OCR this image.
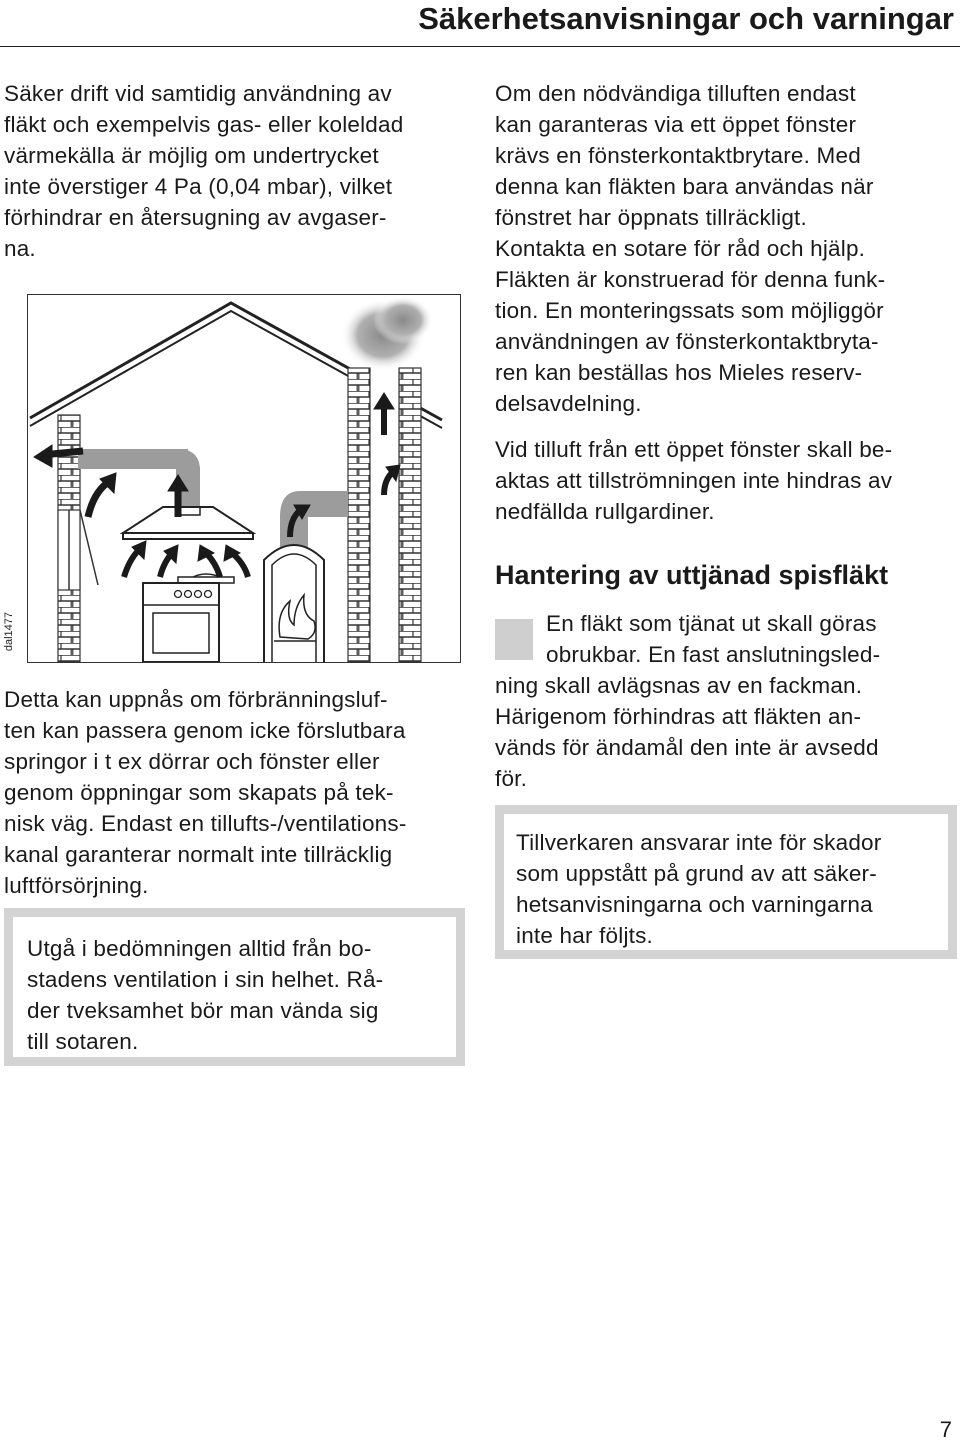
Säkerhetsanvisningar och varningar

Säker drift vid samtidig användning av
fläkt och exempelvis gas- eller koleldad
värmekälla är möjlig om undertrycket
inte överstiger 4 Pa (0,04 mbar), vilket
förhindrar en återsugning av avgaser-
na.

dal1477

Detta kan uppnås om förbränningsluf-
ten kan passera genom icke förslutbara
springor i t ex dörrar och fönster eller
genom öppningar som skapats på tek-
nisk väg. Endast en tillufts-/ventilations-
kanal garanterar normalt inte tillräcklig
luftförsörjning.

Utgå i bedömningen alltid från bo-
stadens ventilation i sin helhet. Rå-
der tveksamhet bör man vända sig
till sotaren.

Om den nödvändiga tilluften endast
kan garanteras via ett öppet fönster
krävs en fönsterkontaktbrytare. Med
denna kan fläkten bara användas när
fönstret har öppnats tillräckligt.
Kontakta en sotare för råd och hjälp.
Fläkten är konstruerad för denna funk-
tion. En monteringssats som möjliggör
användningen av fönsterkontaktbryta-
ren kan beställas hos Mieles reserv-
delsavdelning.

Vid tilluft från ett öppet fönster skall be-
aktas att tillströmningen inte hindras av
nedfällda rullgardiner.

Hantering av uttjänad spisfläkt

En fläkt som tjänat ut skall göras
obrukbar. En fast anslutningsled-

ning skall avlägsnas av en fackman.
Härigenom förhindras att fläkten an-
vänds för ändamål den inte är avsedd
för.

Tillverkaren ansvarar inte för skador
som uppstått på grund av att säker-
hetsanvisningarna och varningarna
inte har följts.

7
